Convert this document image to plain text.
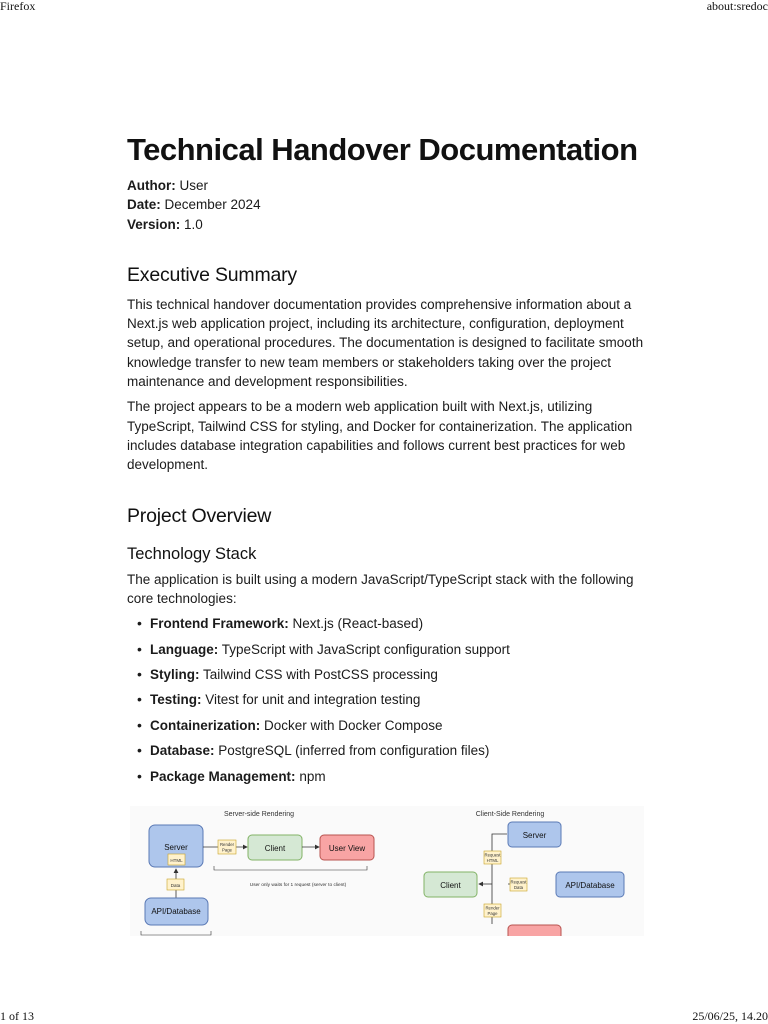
Firefox	about:sredoc
Technical Handover Documentation
Author: User
Date: December 2024
Version: 1.0
Executive Summary

This technical handover documentation provides comprehensive information about a Next.js web application project, including its architecture, configuration, deployment setup, and operational procedures. The documentation is designed to facilitate smooth knowledge transfer to new team members or stakeholders taking over the project maintenance and development responsibilities.

The project appears to be a modern web application built with Next.js, utilizing TypeScript, Tailwind CSS for styling, and Docker for containerization. The application includes database integration capabilities and follows current best practices for web development.

Project Overview
Technology Stack

The application is built using a modern JavaScript/TypeScript stack with the following core technologies:

• Frontend Framework: Next.js (React-based)
• Language: TypeScript with JavaScript configuration support
• Styling: Tailwind CSS with PostCSS processing
• Testing: Vitest for unit and integration testing
• Containerization: Docker with Docker Compose
• Database: PostgreSQL (inferred from configuration files)
• Package Management: npm
Server-side Rendering
Server
HTML
Render
Page	Client	User View
User only waits for 1 request (server to client)
Data
API/Database
Client-Side Rendering
Server
Request
HTML
Client	Request
Data	API/Database
Render
Page
1 of 13	25/06/25, 14.20
